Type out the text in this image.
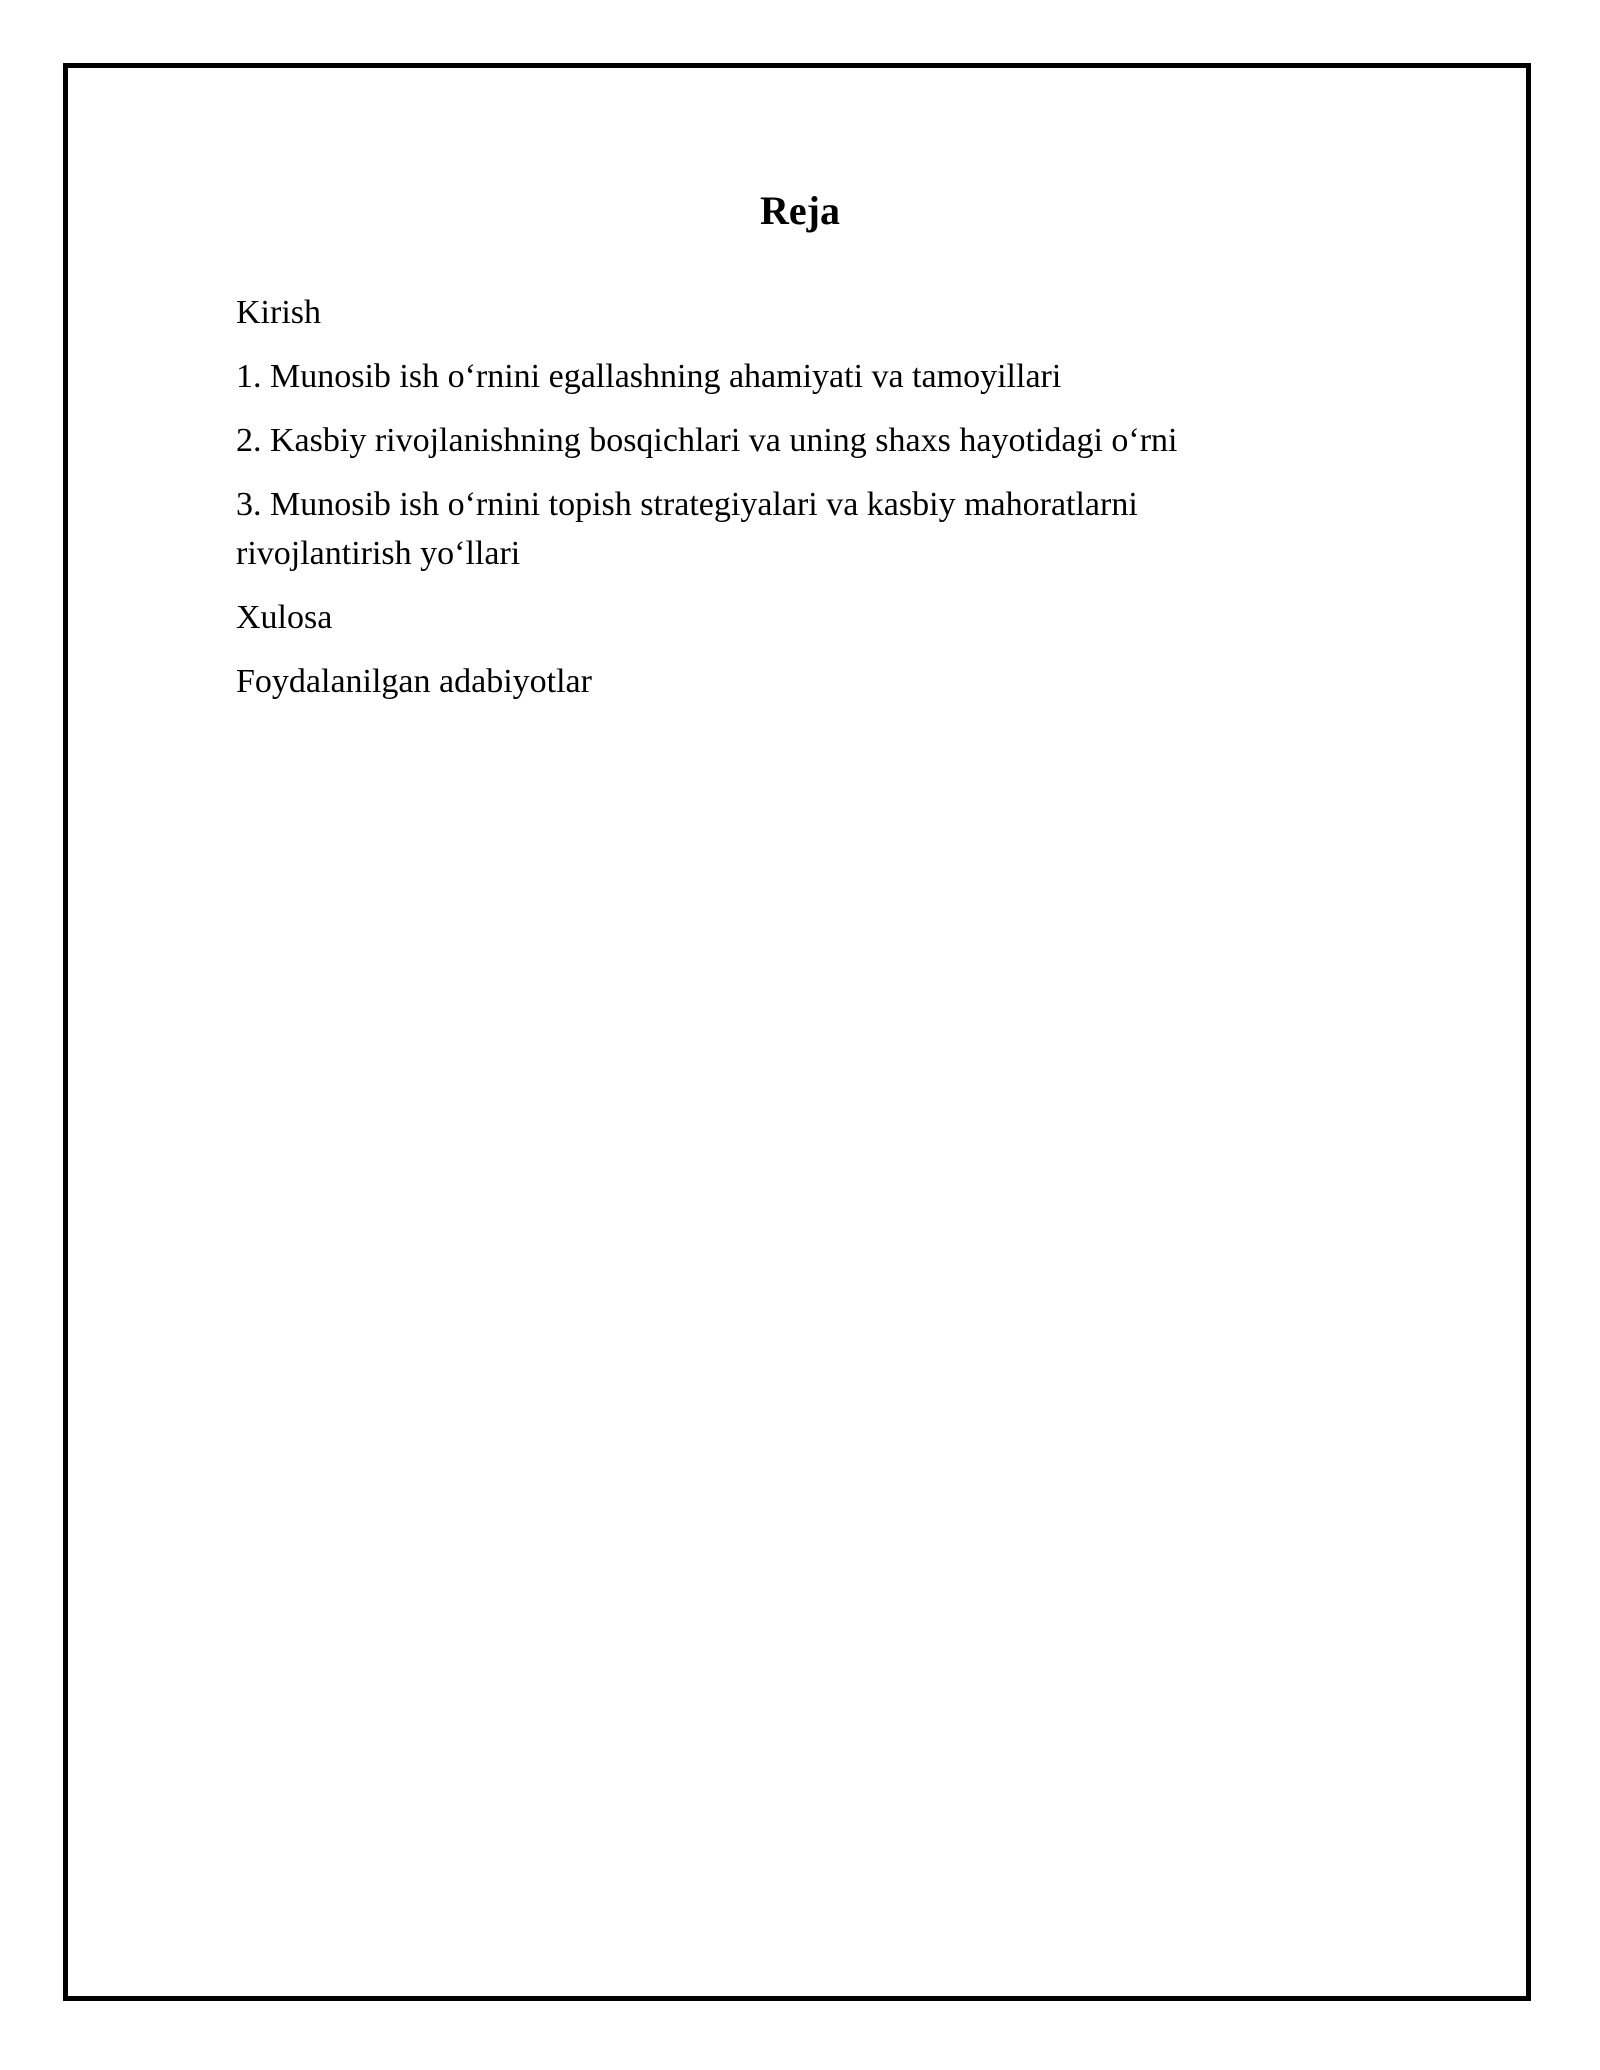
Reja
Kirish
1. Munosib ish o‘rnini egallashning ahamiyati va tamoyillari
2. Kasbiy rivojlanishning bosqichlari va uning shaxs hayotidagi o‘rni
3. Munosib ish o‘rnini topish strategiyalari va kasbiy mahoratlarni rivojlantirish yo‘llari
Xulosa
Foydalanilgan adabiyotlar
